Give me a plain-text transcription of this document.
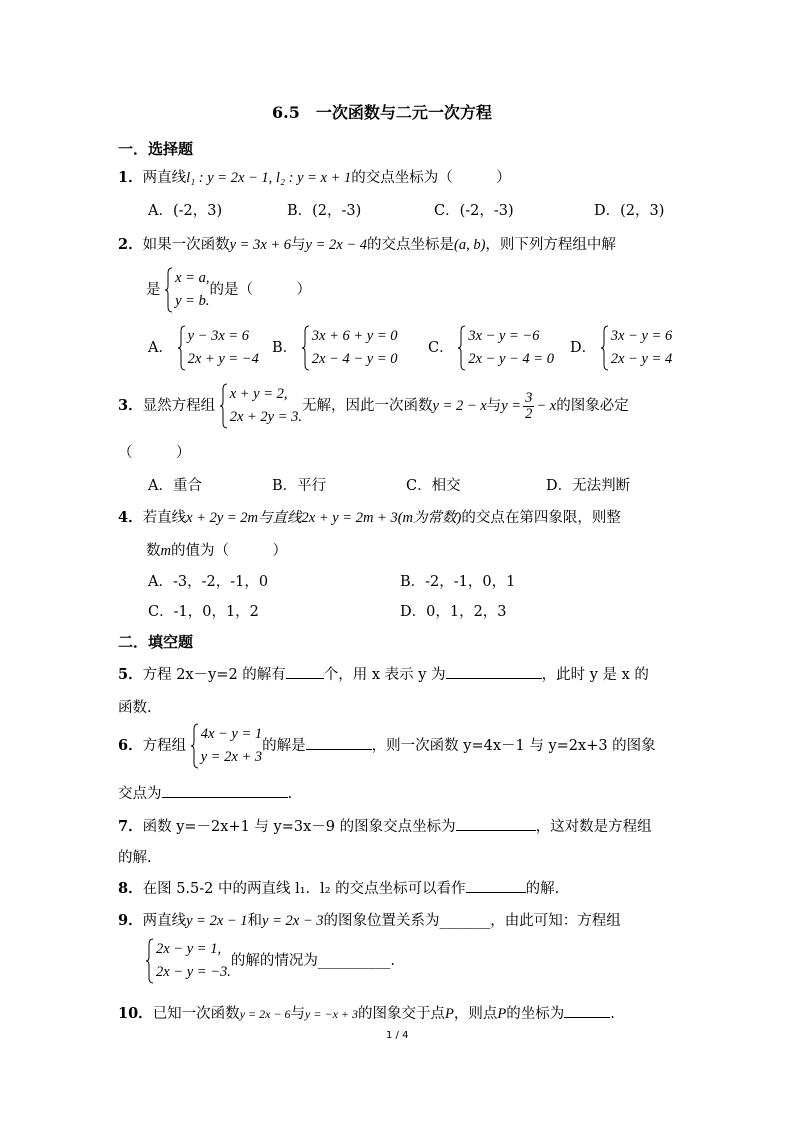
6.5　一次函数与二元一次方程
一．选择题
1．两直线l₁ : y = 2x − 1, l₂ : y = x + 1的交点坐标为（　　　）
A．(-2，3)	B．(2，-3)	C．(-2，-3)	D．(2，3)
2．如果一次函数y = 3x + 6与y = 2x − 4的交点坐标是(a, b)，则下列方程组中解
是
x = a,
y = b.
的是（　　　）
A．
y − 3x = 6
2x + y = −4
B．
3x + 6 + y = 0
2x − 4 − y = 0
C．
3x − y = −6
2x − y − 4 = 0
D．
3x − y = 6
2x − y = 4
3．显然方程组
x + y = 2,
2x + 2y = 3.
无解，因此一次函数y = 2 − x与$y = \frac{3}{2} - x$的图象必定
（　　　）
A．重合	B．平行	C．相交	D．无法判断
4．若直线x + 2y = 2m与直线2x + y = 2m + 3(m为常数)的交点在第四象限，则整
数m的值为（　　　）
A．-3，-2，-1，0	B．-2，-1，0，1
C．-1，0，1，2	D．0，1，2，3
二．填空题
5．方程 2x－y=2 的解有	个，用 x 表示 y 为	，此时 y 是 x 的
函数.
6．方程组
4x − y = 1
y = 2x + 3
的解是	，则一次函数 y=4x－1 与 y=2x+3 的图象
交点为	.
7．函数 y=－2x+1 与 y=3x－9 的图象交点坐标为	，这对数是方程组
的解.
8．在图 5.5-2 中的两直线 l₁．l₂ 的交点坐标可以看作	的解.
9．两直线y = 2x − 1和y = 2x − 3的图象位置关系为_______，由此可知：方程组
2x − y = 1,
2x − y = −3.
的解的情况为__________.
10．已知一次函数y = 2x − 6与y = −x + 3的图象交于点P，则点P的坐标为	.
1 / 4
